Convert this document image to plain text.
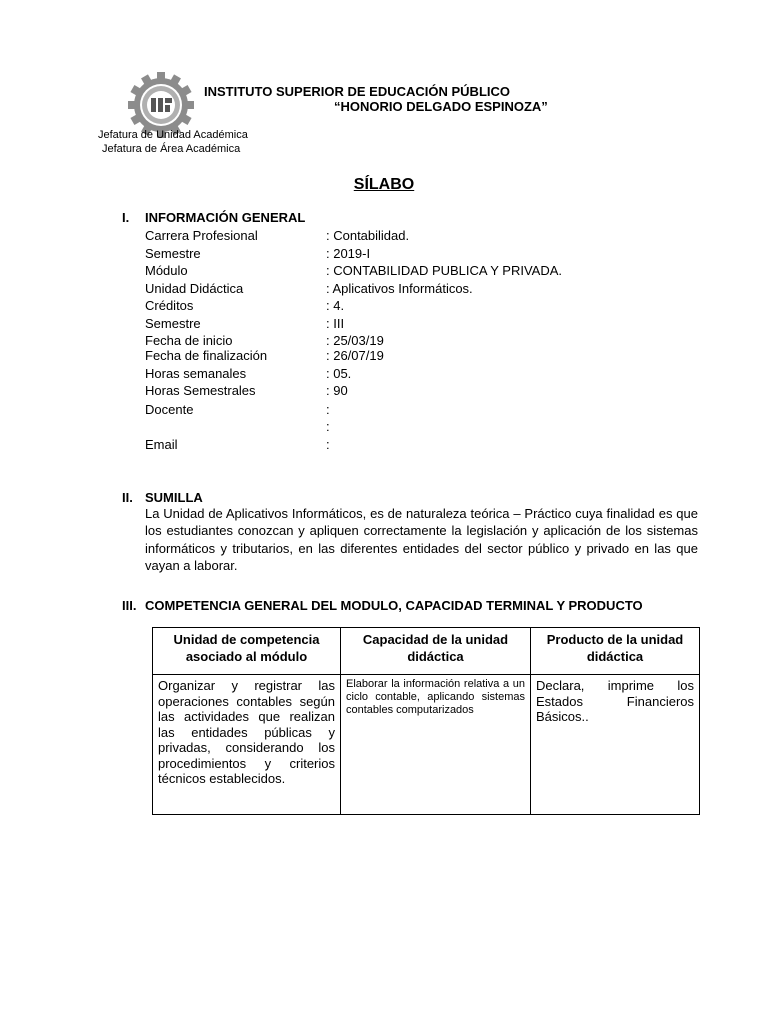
INSTITUTO SUPERIOR DE EDUCACIÓN PÚBLICO
“HONORIO DELGADO ESPINOZA”
Jefatura de Unidad Académica
Jefatura de Área Académica
SÍLABO
I. INFORMACIÓN GENERAL
Carrera Profesional	: Contabilidad.
Semestre	: 2019-I
Módulo	: CONTABILIDAD PUBLICA Y PRIVADA.
Unidad Didáctica	: Aplicativos Informáticos.
Créditos	: 4.
Semestre	: III
Fecha de inicio	: 25/03/19
Fecha de finalización	: 26/07/19
Horas semanales	: 05.
Horas Semestrales	: 90
Docente	:
:
Email	:
II. SUMILLA
La Unidad de Aplicativos Informáticos, es de naturaleza teórica – Práctico cuya finalidad es que los estudiantes conozcan y apliquen correctamente la legislación y aplicación de los sistemas informáticos y tributarios, en las diferentes entidades del sector público y privado en las que vayan a laborar.
III. COMPETENCIA GENERAL DEL MODULO, CAPACIDAD TERMINAL Y PRODUCTO
Unidad de competencia asociado al módulo	Capacidad de la unidad didáctica	Producto de la unidad didáctica
Organizar y registrar las operaciones contables según las actividades que realizan las entidades públicas y privadas, considerando los procedimientos y criterios técnicos establecidos.	Elaborar la información relativa a un ciclo contable, aplicando sistemas contables computarizados	Declara, imprime los Estados Financieros Básicos..
